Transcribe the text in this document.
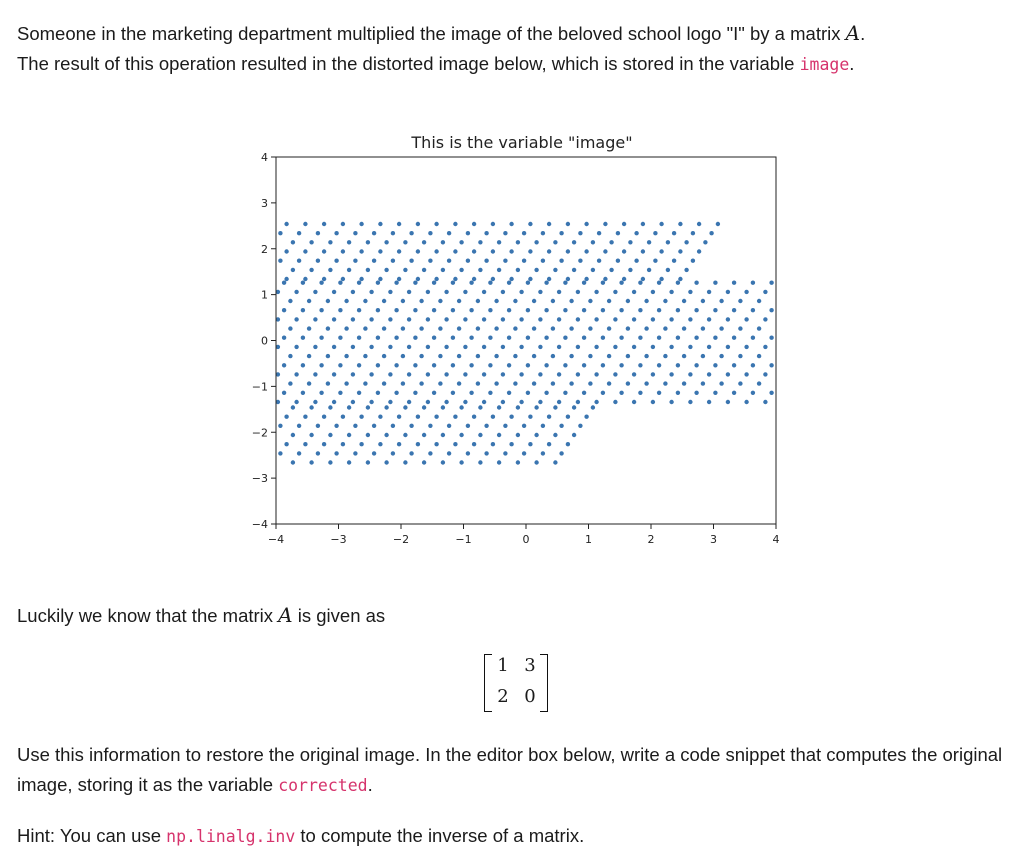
Someone in the marketing department multiplied the image of the beloved school logo "I" by a matrix A.
The result of this operation resulted in the distorted image below, which is stored in the variable image.

This is the variable "image"
−4	−3	−2	−1	0	1	2	3	4
4
3
2
1
0
−1
−2
−3
−4

Luckily we know that the matrix A is given as

1 3
2 0

Use this information to restore the original image. In the editor box below, write a code snippet that computes the original image, storing it as the variable corrected.

Hint: You can use np.linalg.inv to compute the inverse of a matrix.
